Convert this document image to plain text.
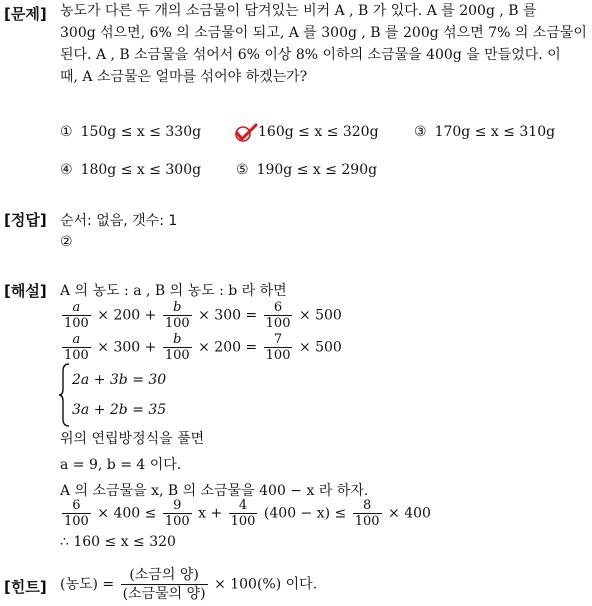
[문제] 농도가 다른 두 개의 소금물이 담겨있는 비커 A , B 가 있다. A 를 200g , B 를
300g 섞으면, 6% 의 소금물이 되고, A 를 300g , B 를 200g 섞으면 7% 의 소금물이
된다. A , B 소금물을 섞어서 6% 이상 8% 이하의 소금물을 400g 을 만들었다. 이
때, A 소금물은 얼마를 섞어야 하겠는가?
① 150g ≤ x ≤ 330g	160g ≤ x ≤ 320g	③ 170g ≤ x ≤ 310g
④ 180g ≤ x ≤ 300g ⑤ 190g ≤ x ≤ 290g
[정답] 순서: 없음, 갯수: 1
②
[해설] A 의 농도 : a , B 의 농도 : b 라 하면
$\frac{a}{100} \times 200 + \frac{b}{100} \times 300 = \frac{6}{100} \times 500$
$\frac{a}{100} \times 300 + \frac{b}{100} \times 200 = \frac{7}{100} \times 500$
2a + 3b = 30
3a + 2b = 35
위의 연립방정식을 풀면
a = 9, b = 4 이다.
A 의 소금물을 x, B 의 소금물을 400 − x 라 하자.
$\frac{6}{100} \times 400 \le \frac{9}{100}$ $x + \frac{4}{100} (400 - x) \le \frac{8}{100} \times 400$
∴ 160 ≤ x ≤ 320
[힌트] (농도) = $\frac{\text{(소금의 양)}}{\text{(소금물의 양)}} \times 100(\%)$ 이다.
